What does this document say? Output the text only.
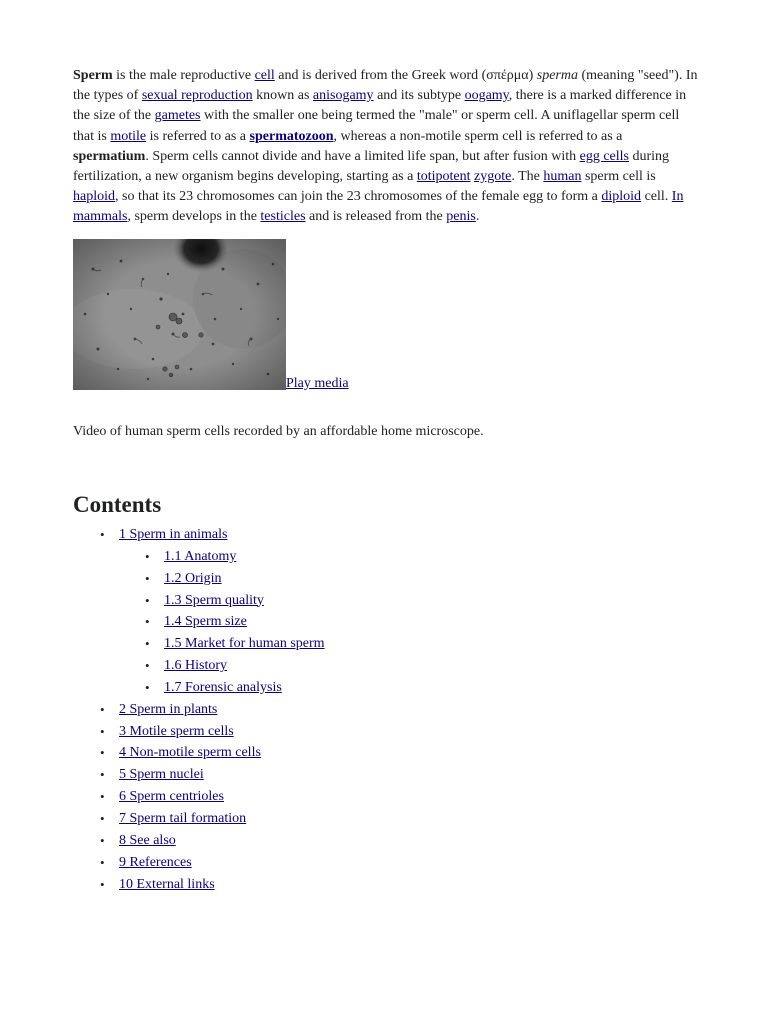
Sperm is the male reproductive cell and is derived from the Greek word (σπέρμα) sperma (meaning "seed"). In the types of sexual reproduction known as anisogamy and its subtype oogamy, there is a marked difference in the size of the gametes with the smaller one being termed the "male" or sperm cell. A uniflagellar sperm cell that is motile is referred to as a spermatozoon, whereas a non-motile sperm cell is referred to as a spermatium. Sperm cells cannot divide and have a limited life span, but after fusion with egg cells during fertilization, a new organism begins developing, starting as a totipotent zygote. The human sperm cell is haploid, so that its 23 chromosomes can join the 23 chromosomes of the female egg to form a diploid cell. In mammals, sperm develops in the testicles and is released from the penis.

Play media

Video of human sperm cells recorded by an affordable home microscope.

Contents
• 1 Sperm in animals
• 1.1 Anatomy
• 1.2 Origin
• 1.3 Sperm quality
• 1.4 Sperm size
• 1.5 Market for human sperm
• 1.6 History
• 1.7 Forensic analysis
• 2 Sperm in plants
• 3 Motile sperm cells
• 4 Non-motile sperm cells
• 5 Sperm nuclei
• 6 Sperm centrioles
• 7 Sperm tail formation
• 8 See also
• 9 References
• 10 External links
